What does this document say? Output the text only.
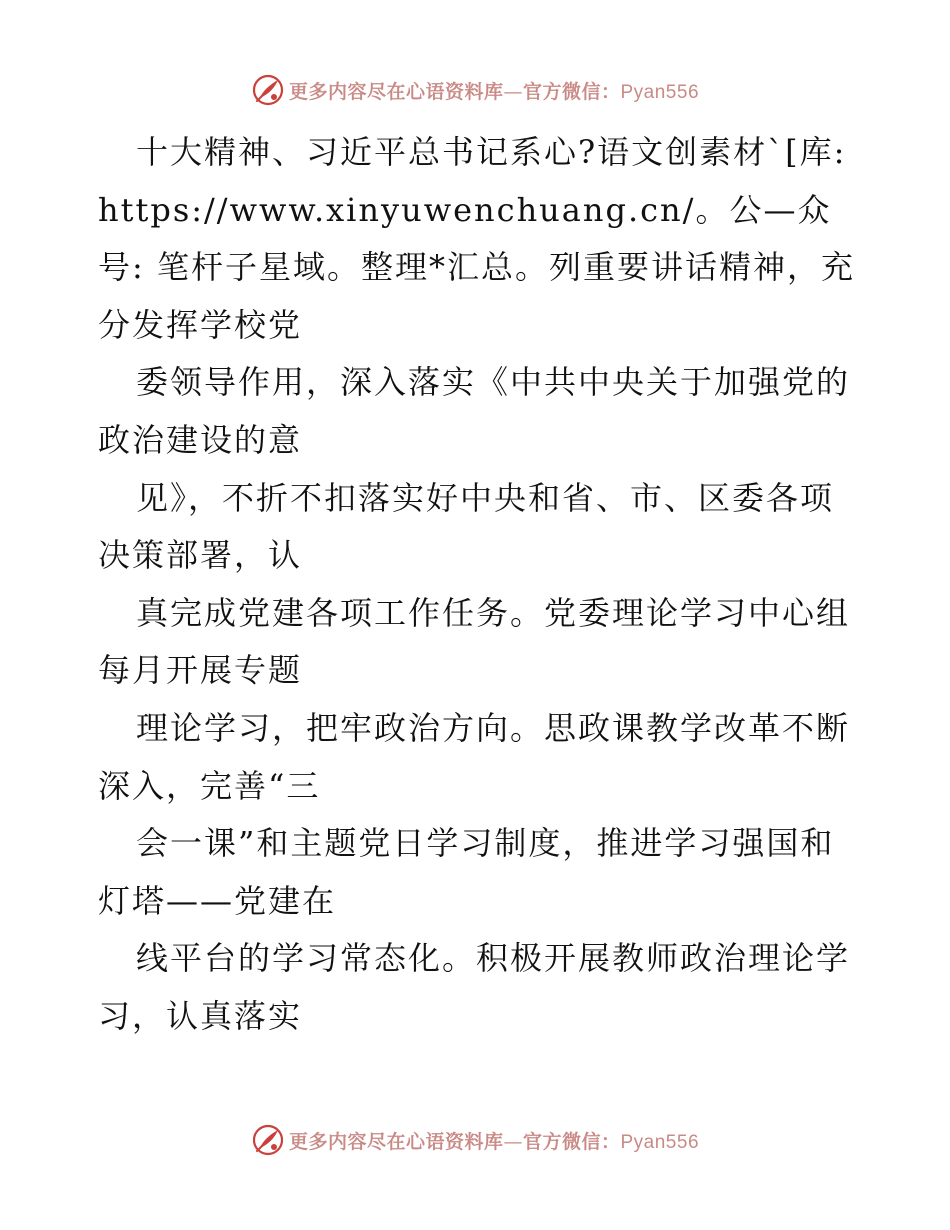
更多内容尽在心语资料库—官方微信：Pyan556

十大精神、习近平总书记系心?语文创素材`[库: https://www.xinyuwenchuang.cn/。公—众号: 笔杆子星域。整理*汇总。列重要讲话精神，充分发挥学校党

委领导作用，深入落实《中共中央关于加强党的政治建设的意

见》，不折不扣落实好中央和省、市、区委各项决策部署，认

真完成党建各项工作任务。党委理论学习中心组每月开展专题

理论学习，把牢政治方向。思政课教学改革不断深入，完善“三

会一课”和主题党日学习制度，推进学习强国和灯塔——党建在

线平台的学习常态化。积极开展教师政治理论学习，认真落实

更多内容尽在心语资料库—官方微信：Pyan556
